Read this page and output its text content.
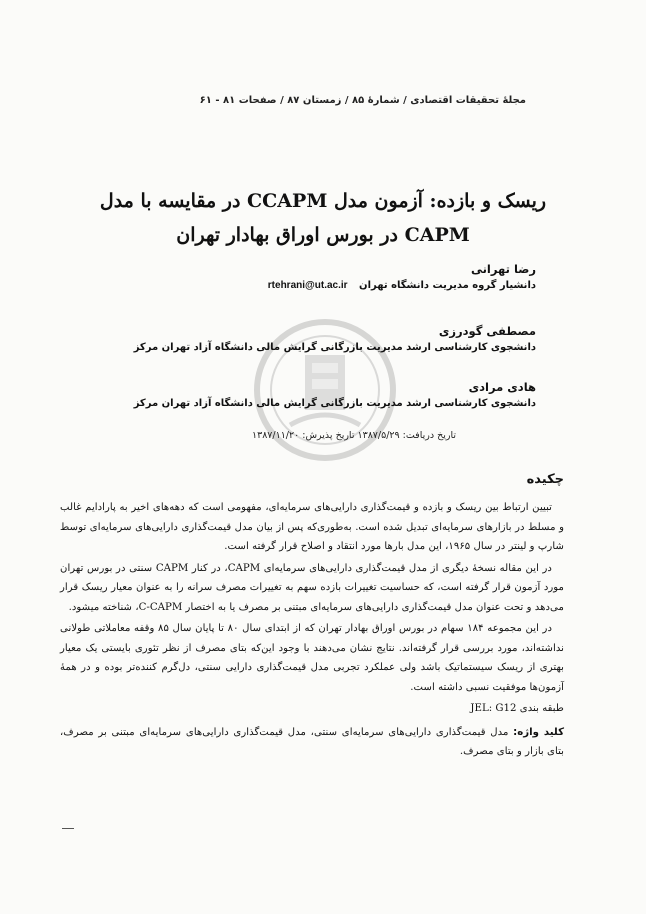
مجلهٔ تحقیقات اقتصادی / شمارهٔ ۸۵ / زمستان ۸۷ / صفحات ۸۱ - ۶۱
ریسک و بازده: آزمون مدل CCAPM در مقایسه با مدل
CAPM در بورس اوراق بهادار تهران
رضا تهرانی
دانشیار گروه مدیریت دانشگاه تهران rtehrani@ut.ac.ir
مصطفی گودرزی
دانشجوی کارشناسی ارشد مدیریت بازرگانی گرایش مالی دانشگاه آزاد تهران مرکز
هادی مرادی
دانشجوی کارشناسی ارشد مدیریت بازرگانی گرایش مالی دانشگاه آزاد تهران مرکز
تاریخ دریافت: ۱۳۸۷/۵/۲۹ تاریخ پذیرش: ۱۳۸۷/۱۱/۲۰
چکیده

تبیین ارتباط بین ریسک و بازده و قیمت‌گذاری دارایی‌های سرمایه‌ای، مفهومی است که دهه‌های اخیر به پارادایم غالب و مسلط در بازارهای سرمایه‌ای تبدیل شده است. به‌طوری‌که پس از بیان مدل قیمت‌گذاری دارایی‌های سرمایه‌ای توسط شارپ و لینتر در سال ۱۹۶۵، این مدل بارها مورد انتقاد و اصلاح قرار گرفته است.

در این مقاله نسخهٔ دیگری از مدل قیمت‌گذاری دارایی‌های سرمایه‌ای CAPM، در کنار CAPM سنتی در بورس تهران مورد آزمون قرار گرفته است، که حساسیت تغییرات بازده سهم به تغییرات مصرف سرانه را به عنوان معیار ریسک قرار می‌دهد و تحت عنوان مدل قیمت‌گذاری دارایی‌های سرمایه‌ای مبتنی بر مصرف یا به اختصار C-CAPM، شناخته میشود.

در این مجموعه ۱۸۴ سهام در بورس اوراق بهادار تهران که از ابتدای سال ۸۰ تا پایان سال ۸۵ وقفه معاملاتی طولانی نداشته‌اند، مورد بررسی قرار گرفته‌اند. نتایج نشان می‌دهند با وجود این‌که بتای مصرف از نظر تئوری بایستی یک معیار بهتری از ریسک سیستماتیک باشد ولی عملکرد تجربی مدل قیمت‌گذاری دارایی سنتی، دل‌گرم کننده‌تر بوده و در همهٔ آزمون‌ها موفقیت نسبی داشته است.

طبقه بندی JEL: G12
کلید واژه: مدل قیمت‌گذاری دارایی‌های سرمایه‌ای سنتی، مدل قیمت‌گذاری دارایی‌های سرمایه‌ای مبتنی بر مصرف، بتای بازار و بتای مصرف.
